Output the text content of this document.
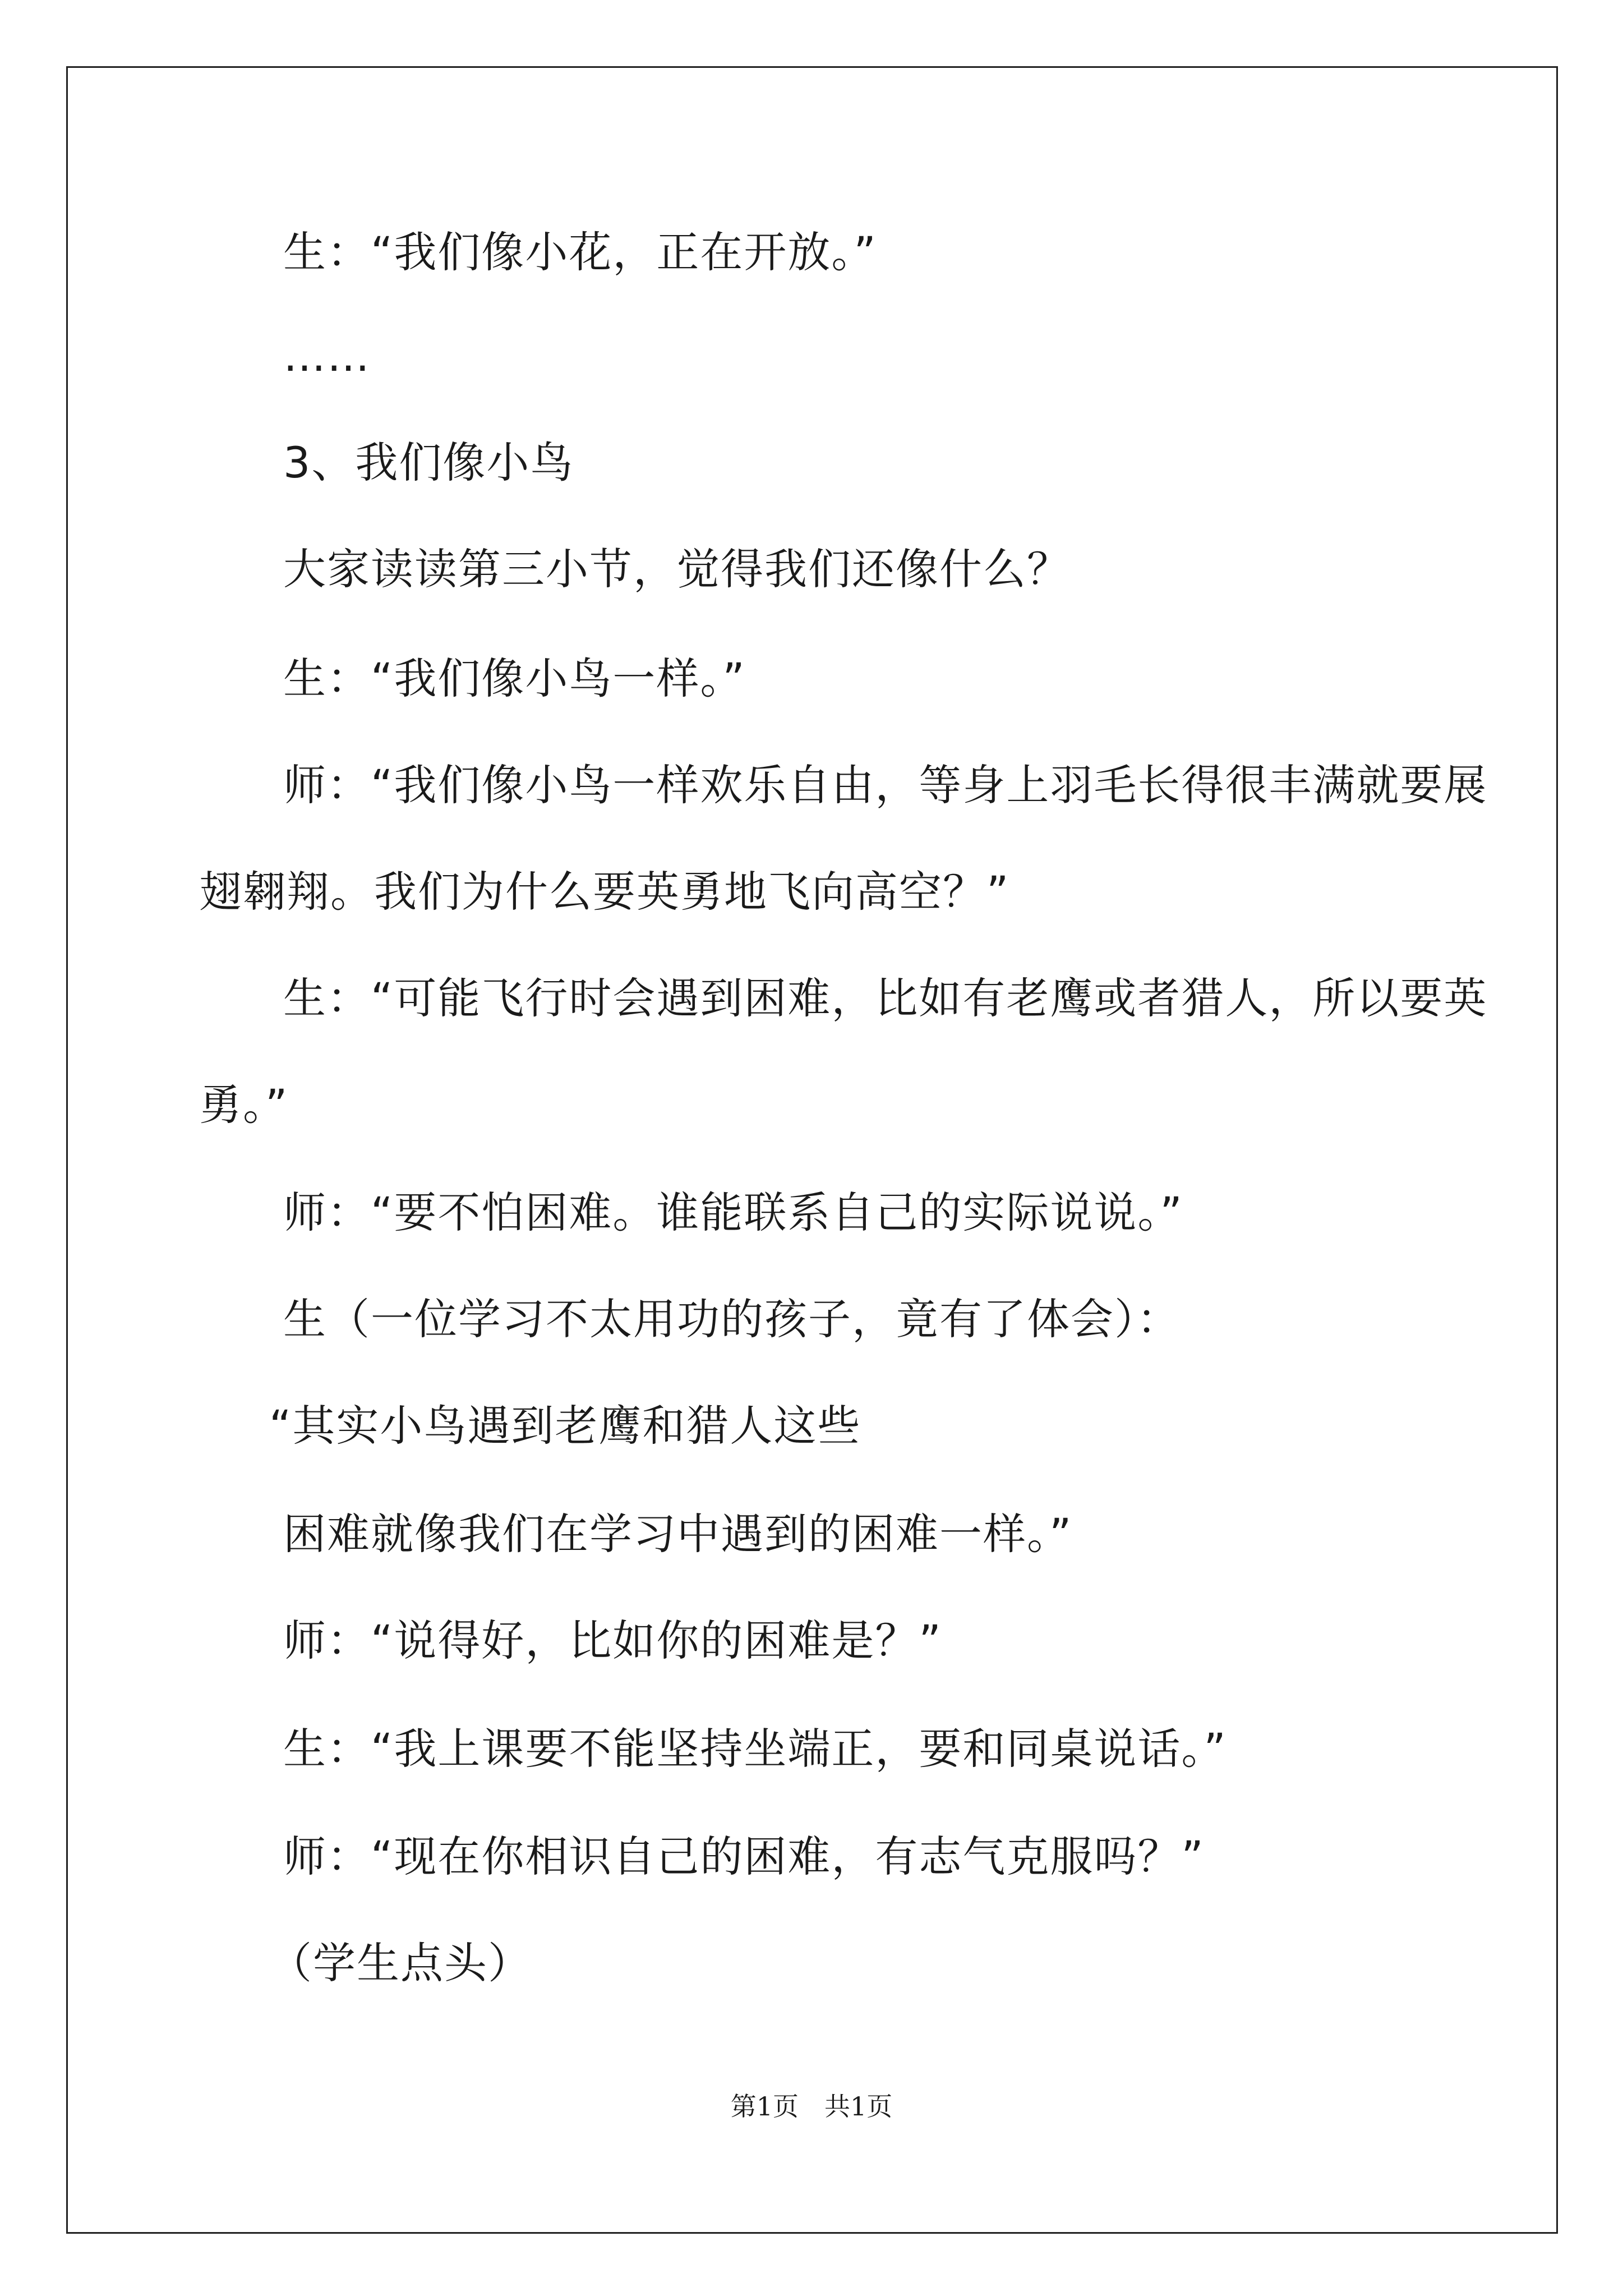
生：“我们像小花，正在开放。”
……
3、我们像小鸟
大家读读第三小节，觉得我们还像什么？
生：“我们像小鸟一样。”
师：“我们像小鸟一样欢乐自由，等身上羽毛长得很丰满就要展
翅翱翔。我们为什么要英勇地飞向高空？”
生：“可能飞行时会遇到困难，比如有老鹰或者猎人，所以要英
勇。”
师：“要不怕困难。谁能联系自己的实际说说。”
生（一位学习不太用功的孩子，竟有了体会）：
“其实小鸟遇到老鹰和猎人这些
困难就像我们在学习中遇到的困难一样。”
师：“说得好，比如你的困难是？”
生：“我上课要不能坚持坐端正，要和同桌说话。”
师：“现在你相识自己的困难，有志气克服吗？”
（学生点头）
第1页　共1页
